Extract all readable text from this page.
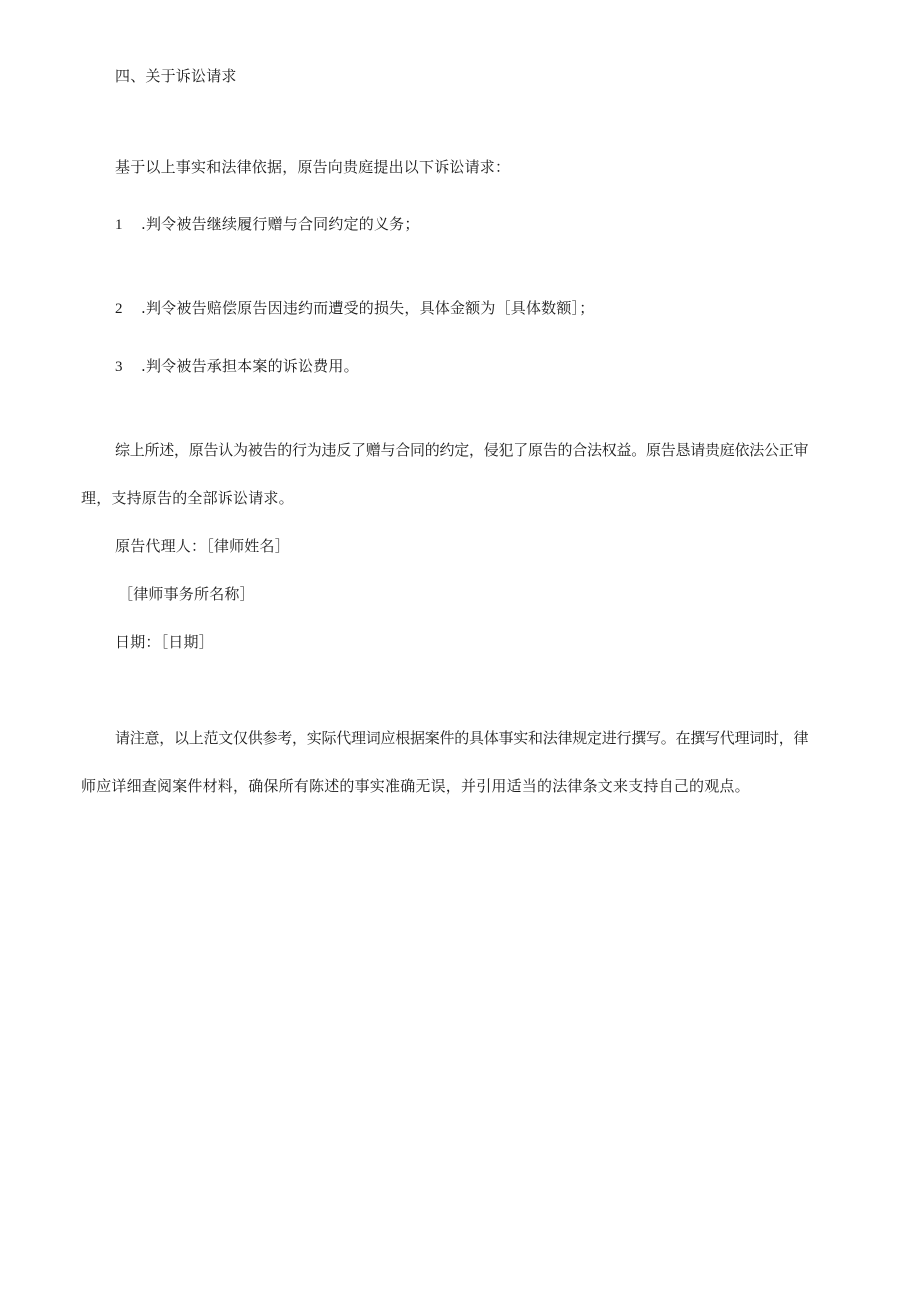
四、关于诉讼请求
基于以上事实和法律依据，原告向贵庭提出以下诉讼请求：
1 .判令被告继续履行赠与合同约定的义务；
2 .判令被告赔偿原告因违约而遭受的损失，具体金额为［具体数额］；
3 .判令被告承担本案的诉讼费用。
综上所述，原告认为被告的行为违反了赠与合同的约定，侵犯了原告的合法权益。原告恳请贵庭依法公正审
理，支持原告的全部诉讼请求。
原告代理人：［律师姓名］
［律师事务所名称］
日期：［日期］
请注意，以上范文仅供参考，实际代理词应根据案件的具体事实和法律规定进行撰写。在撰写代理词时，律
师应详细查阅案件材料，确保所有陈述的事实准确无误，并引用适当的法律条文来支持自己的观点。
